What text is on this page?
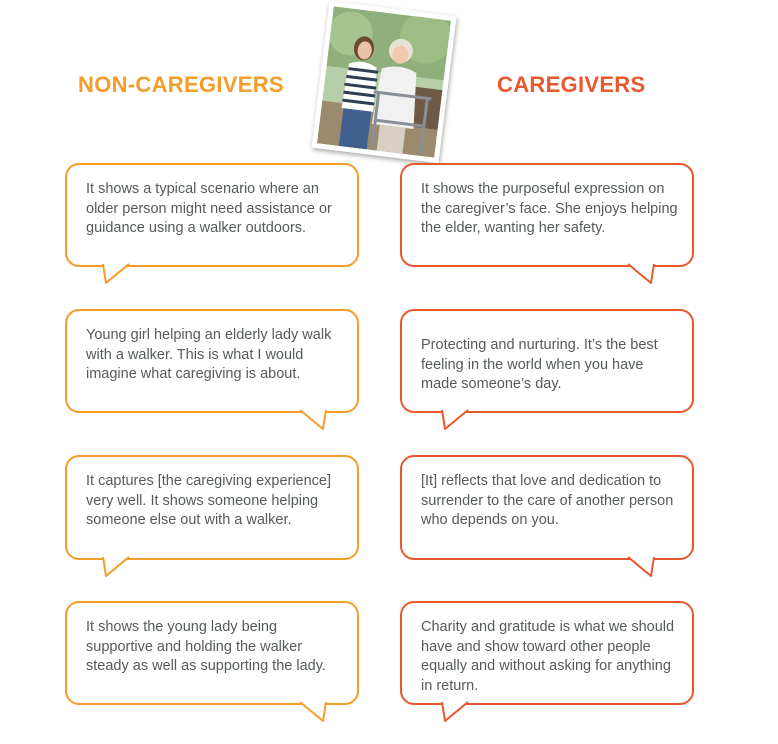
NON-CAREGIVERS	CAREGIVERS
It shows a typical scenario where an older person might need assistance or guidance using a walker outdoors.
Young girl helping an elderly lady walk with a walker. This is what I would imagine what caregiving is about.
It captures [the caregiving experience] very well. It shows someone helping someone else out with a walker.
It shows the young lady being supportive and holding the walker steady as well as supporting the lady.
It shows the purposeful expression on the caregiver’s face. She enjoys helping the elder, wanting her safety.
Protecting and nurturing. It’s the best feeling in the world when you have made someone’s day.
[It] reflects that love and dedication to surrender to the care of another person who depends on you.
Charity and gratitude is what we should have and show toward other people equally and without asking for anything in return.
